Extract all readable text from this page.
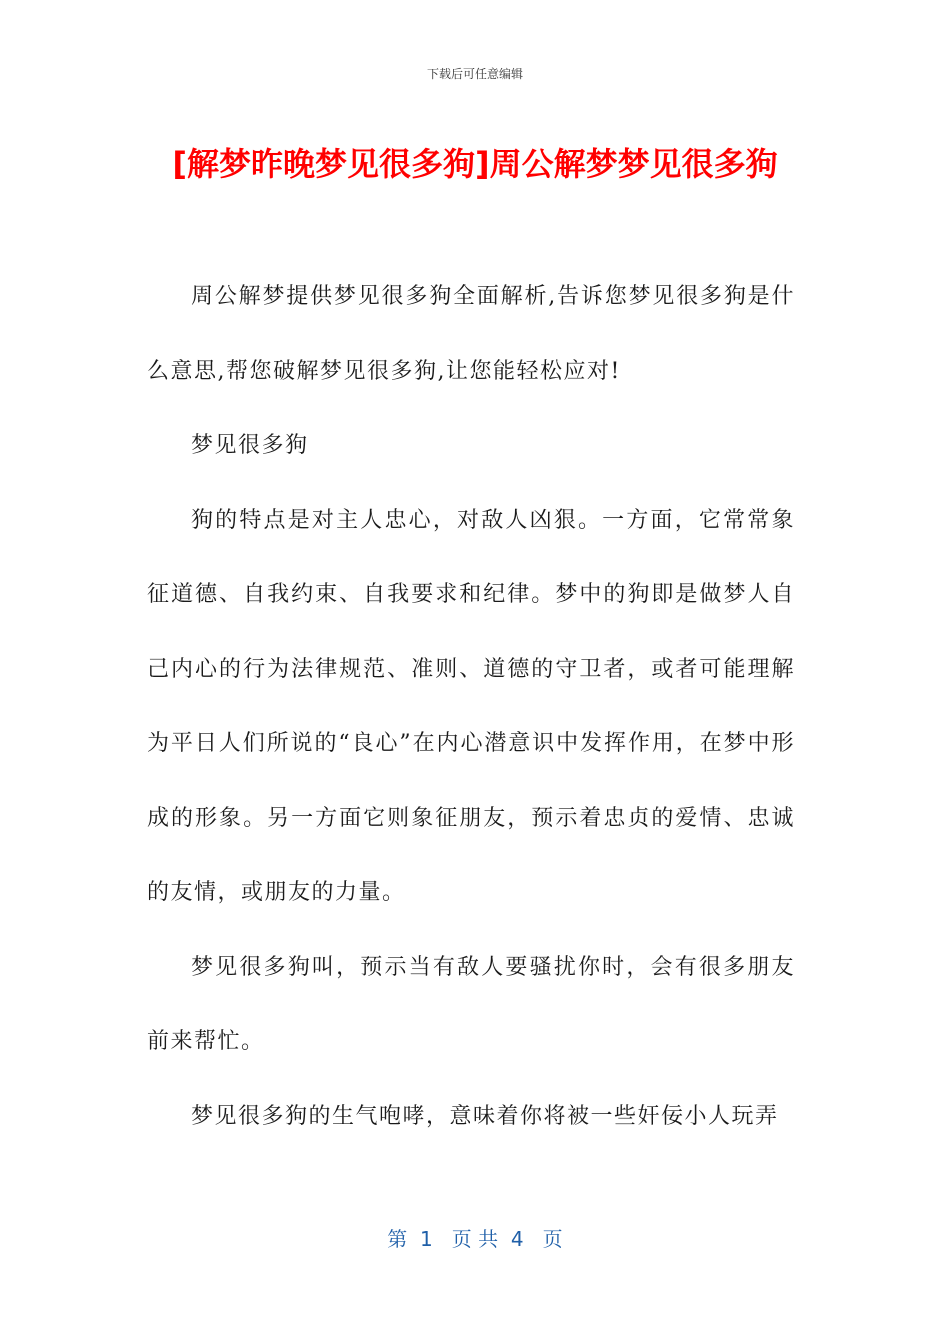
下载后可任意编辑
[解梦昨晚梦见很多狗]周公解梦梦见很多狗

周公解梦提供梦见很多狗全面解析,告诉您梦见很多狗是什么意思,帮您破解梦见很多狗,让您能轻松应对!

梦见很多狗

狗的特点是对主人忠心，对敌人凶狠。一方面，它常常象征道德、自我约束、自我要求和纪律。梦中的狗即是做梦人自己内心的行为法律规范、准则、道德的守卫者，或者可能理解为平日人们所说的“良心”在内心潜意识中发挥作用，在梦中形成的形象。另一方面它则象征朋友，预示着忠贞的爱情、忠诚的友情，或朋友的力量。

梦见很多狗叫，预示当有敌人要骚扰你时，会有很多朋友前来帮忙。

梦见很多狗的生气咆哮，意味着你将被一些奸佞小人玩弄

第  1   页 共  4   页
